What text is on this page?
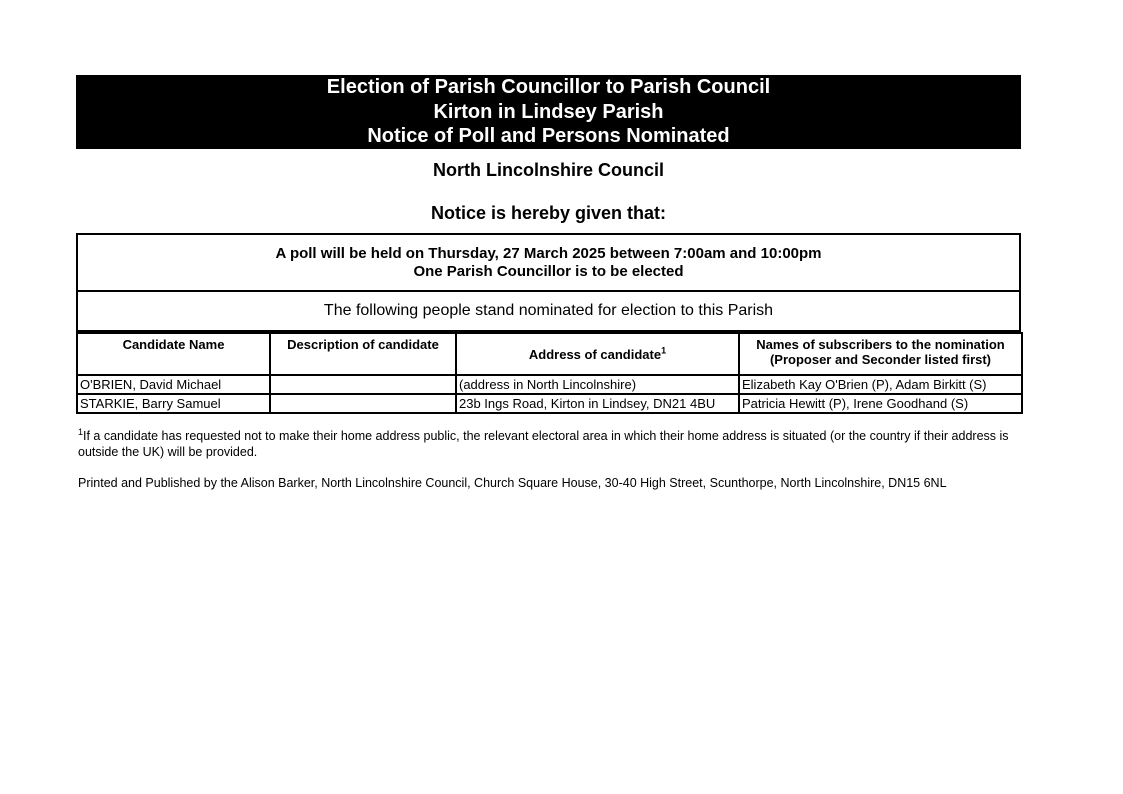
Election of Parish Councillor to Parish Council
Kirton in Lindsey Parish
Notice of Poll and Persons Nominated
North Lincolnshire Council
Notice is hereby given that:
A poll will be held on Thursday, 27 March 2025 between 7:00am and 10:00pm
One Parish Councillor is to be elected
The following people stand nominated for election to this Parish
Candidate Name	Description of candidate	Address of candidate$^1$	Names of subscribers to the nomination
(Proposer and Seconder listed first)

O'BRIEN, David Michael		(address in North Lincolnshire)	Elizabeth Kay O'Brien (P), Adam Birkitt (S)
STARKIE, Barry Samuel		23b Ings Road, Kirton in Lindsey, DN21 4BU	Patricia Hewitt (P), Irene Goodhand (S)
$^1$If a candidate has requested not to make their home address public, the relevant electoral area in which their home address is situated (or the country if their address is outside the UK) will be provided.
Printed and Published by the Alison Barker, North Lincolnshire Council, Church Square House, 30-40 High Street, Scunthorpe, North Lincolnshire, DN15 6NL
